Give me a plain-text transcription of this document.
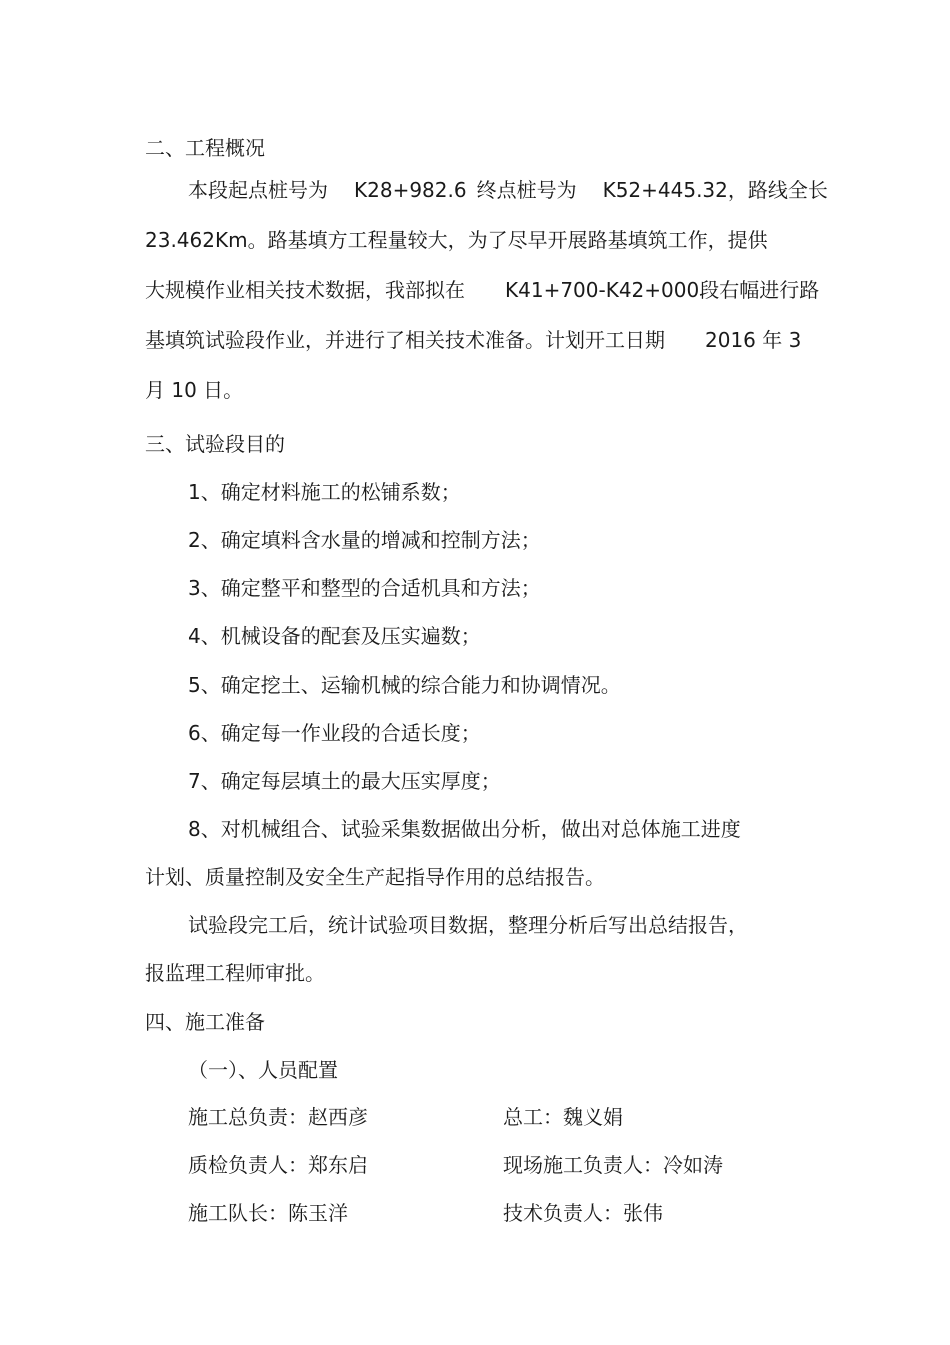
二、工程概况
本段起点桩号为 K28+982.6 终点桩号为 K52+445.32，路线全长
23.462Km。路基填方工程量较大，为了尽早开展路基填筑工作，提供
大规模作业相关技术数据，我部拟在 K41+700-K42+000段右幅进行路
基填筑试验段作业，并进行了相关技术准备。计划开工日期 2016 年 3
月 10 日。
三、试验段目的
1、确定材料施工的松铺系数；
2、确定填料含水量的增减和控制方法；
3、确定整平和整型的合适机具和方法；
4、机械设备的配套及压实遍数；
5、确定挖土、运输机械的综合能力和协调情况。
6、确定每一作业段的合适长度；
7、确定每层填土的最大压实厚度；
8、对机械组合、试验采集数据做出分析，做出对总体施工进度
计划、质量控制及安全生产起指导作用的总结报告。
试验段完工后，统计试验项目数据，整理分析后写出总结报告，
报监理工程师审批。
四、施工准备
（一）、人员配置
施工总负责：赵西彦	总工：魏义娟
质检负责人：郑东启	现场施工负责人：冷如涛
施工队长：陈玉洋	技术负责人：张伟
